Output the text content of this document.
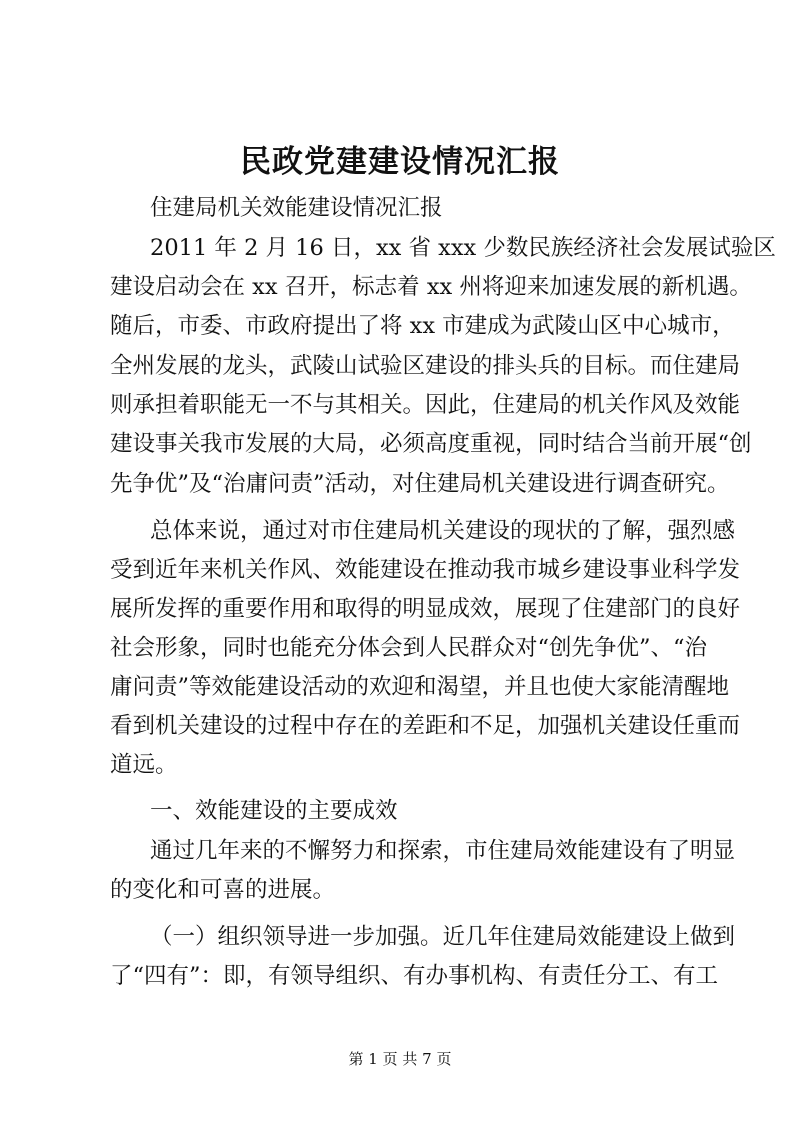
民政党建建设情况汇报
住建局机关效能建设情况汇报
2011 年 2 月 16 日，xx 省 xxx 少数民族经济社会发展试验区
建设启动会在 xx 召开，标志着 xx 州将迎来加速发展的新机遇。
随后，市委、市政府提出了将 xx 市建成为武陵山区中心城市，
全州发展的龙头，武陵山试验区建设的排头兵的目标。而住建局
则承担着职能无一不与其相关。因此，住建局的机关作风及效能
建设事关我市发展的大局，必须高度重视，同时结合当前开展“创
先争优”及“治庸问责”活动，对住建局机关建设进行调查研究。
总体来说，通过对市住建局机关建设的现状的了解，强烈感
受到近年来机关作风、效能建设在推动我市城乡建设事业科学发
展所发挥的重要作用和取得的明显成效，展现了住建部门的良好
社会形象，同时也能充分体会到人民群众对“创先争优”、“治
庸问责”等效能建设活动的欢迎和渴望，并且也使大家能清醒地
看到机关建设的过程中存在的差距和不足，加强机关建设任重而
道远。
一、效能建设的主要成效
通过几年来的不懈努力和探索，市住建局效能建设有了明显
的变化和可喜的进展。
（一）组织领导进一步加强。近几年住建局效能建设上做到
了“四有”：即，有领导组织、有办事机构、有责任分工、有工
第 1 页 共 7 页
